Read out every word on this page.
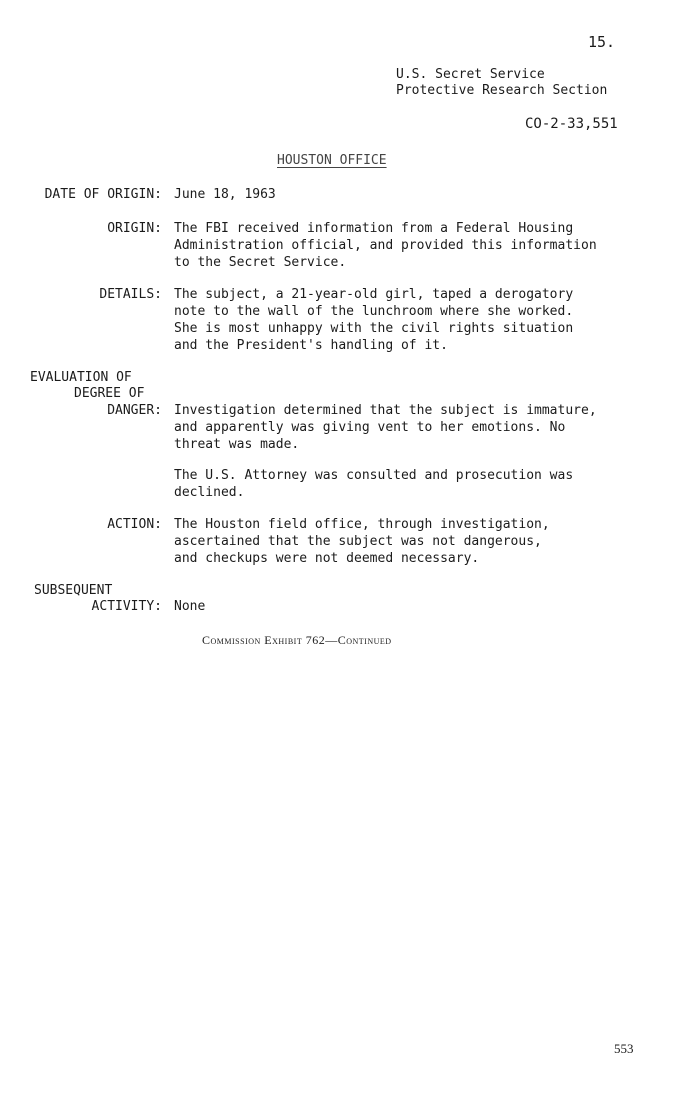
15.
U.S. Secret Service
Protective Research Section
CO-2-33,551
HOUSTON OFFICE
DATE OF ORIGIN: June 18, 1963
ORIGIN: The FBI received information from a Federal Housing
Administration official, and provided this information
to the Secret Service.
DETAILS: The subject, a 21-year-old girl, taped a derogatory
note to the wall of the lunchroom where she worked.
She is most unhappy with the civil rights situation
and the President's handling of it.
EVALUATION OF
DEGREE OF
DANGER: Investigation determined that the subject is immature,
and apparently was giving vent to her emotions. No
threat was made.
The U.S. Attorney was consulted and prosecution was
declined.
ACTION: The Houston field office, through investigation,
ascertained that the subject was not dangerous,
and checkups were not deemed necessary.
SUBSEQUENT
ACTIVITY: None
Commission Exhibit 762—Continued
553
